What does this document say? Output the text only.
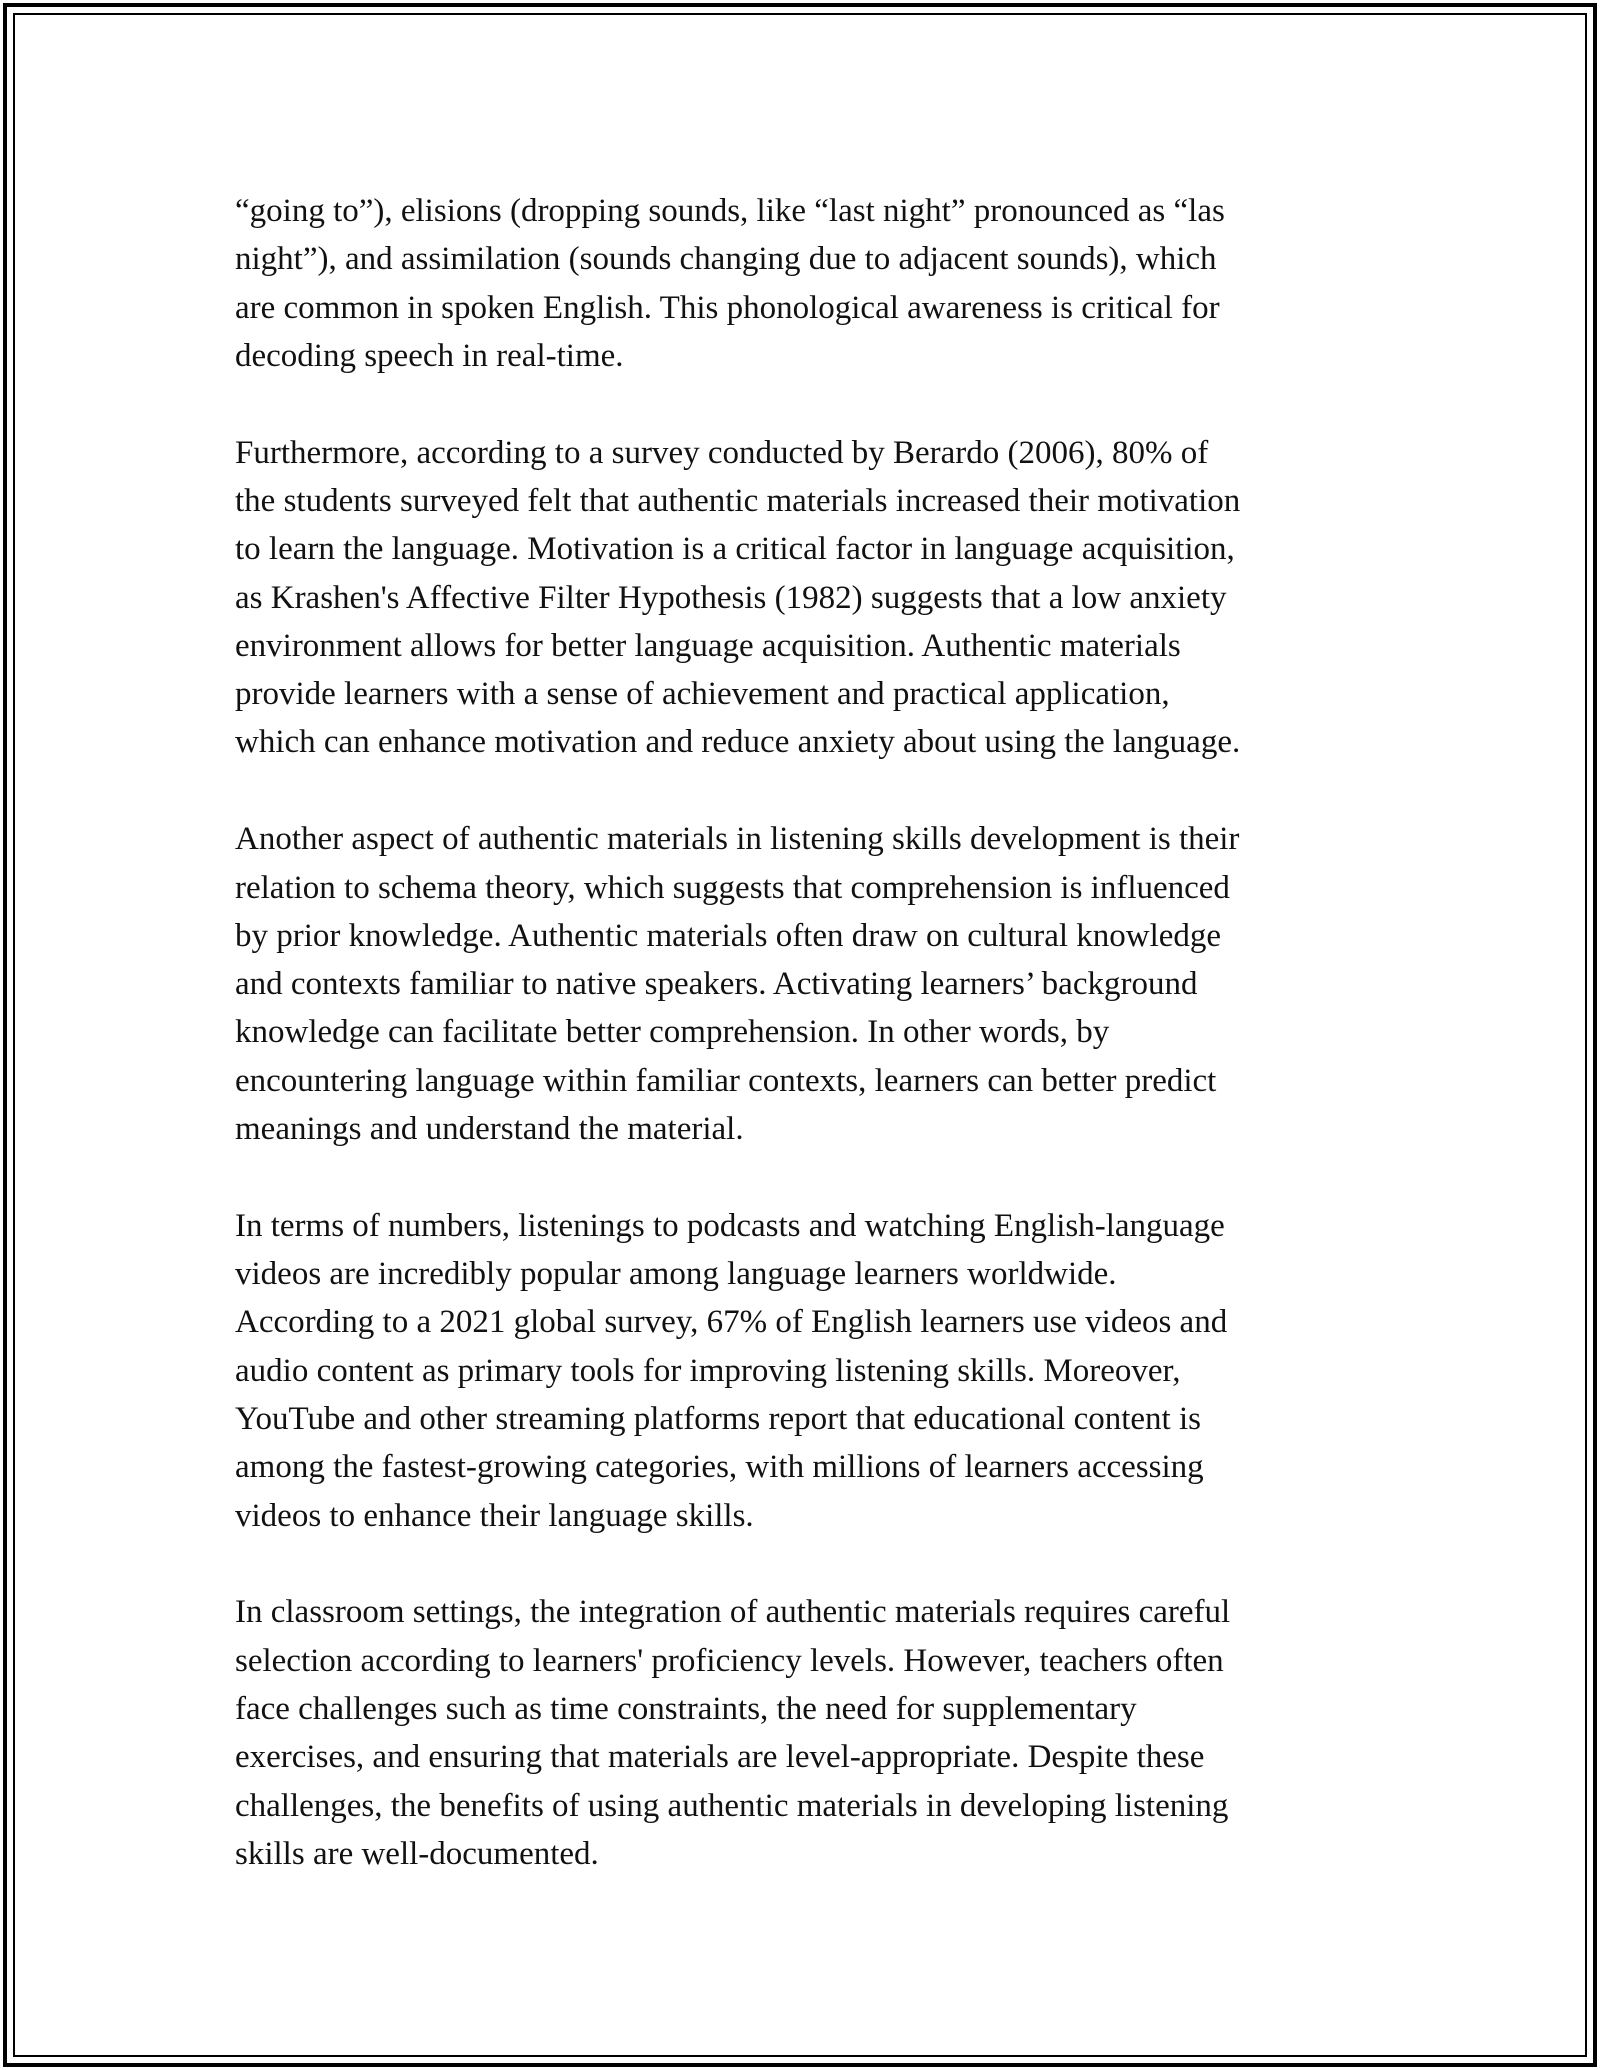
“going to”), elisions (dropping sounds, like “last night” pronounced as “las
night”), and assimilation (sounds changing due to adjacent sounds), which
are common in spoken English. This phonological awareness is critical for
decoding speech in real-time.

Furthermore, according to a survey conducted by Berardo (2006), 80% of
the students surveyed felt that authentic materials increased their motivation
to learn the language. Motivation is a critical factor in language acquisition,
as Krashen's Affective Filter Hypothesis (1982) suggests that a low anxiety
environment allows for better language acquisition. Authentic materials
provide learners with a sense of achievement and practical application,
which can enhance motivation and reduce anxiety about using the language.

Another aspect of authentic materials in listening skills development is their
relation to schema theory, which suggests that comprehension is influenced
by prior knowledge. Authentic materials often draw on cultural knowledge
and contexts familiar to native speakers. Activating learners’ background
knowledge can facilitate better comprehension. In other words, by
encountering language within familiar contexts, learners can better predict
meanings and understand the material.

In terms of numbers, listenings to podcasts and watching English-language
videos are incredibly popular among language learners worldwide.
According to a 2021 global survey, 67% of English learners use videos and
audio content as primary tools for improving listening skills. Moreover,
YouTube and other streaming platforms report that educational content is
among the fastest-growing categories, with millions of learners accessing
videos to enhance their language skills.

In classroom settings, the integration of authentic materials requires careful
selection according to learners' proficiency levels. However, teachers often
face challenges such as time constraints, the need for supplementary
exercises, and ensuring that materials are level-appropriate. Despite these
challenges, the benefits of using authentic materials in developing listening
skills are well-documented.
